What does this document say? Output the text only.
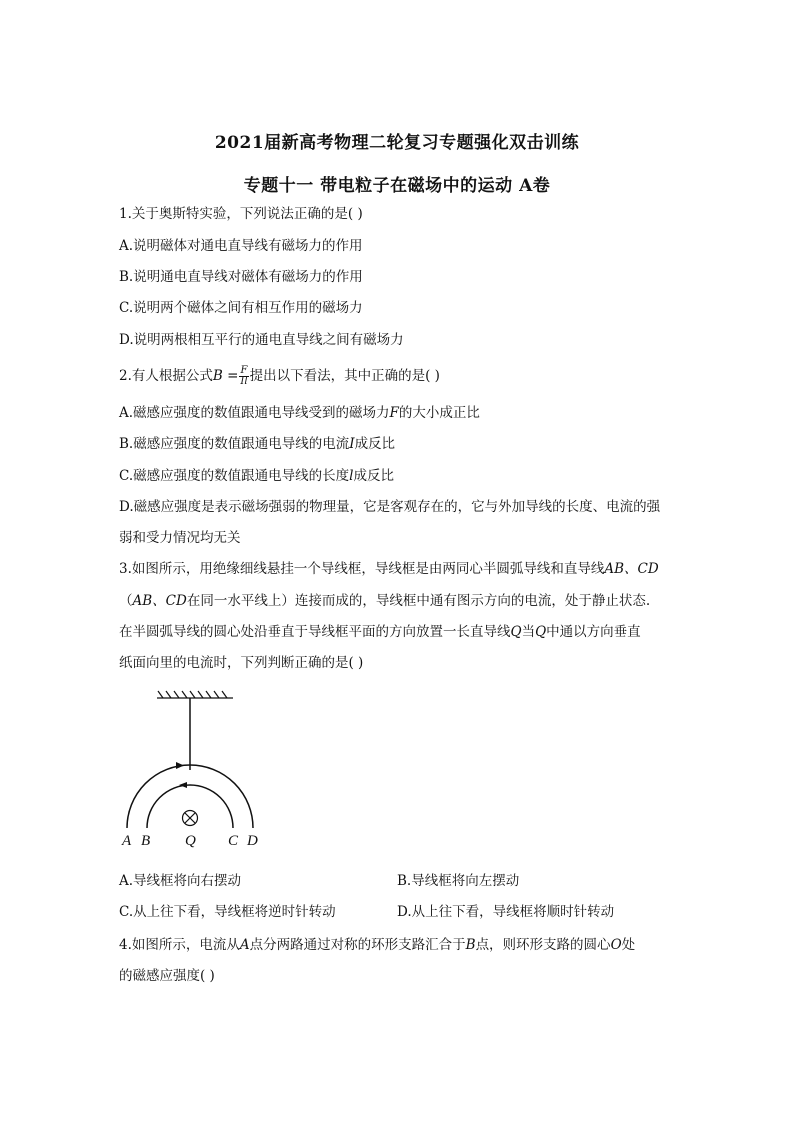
2021届新高考物理二轮复习专题强化双击训练
专题十一 带电粒子在磁场中的运动 A卷
1.关于奥斯特实验，下列说法正确的是( )
A.说明磁体对通电直导线有磁场力的作用
B.说明通电直导线对磁体有磁场力的作用
C.说明两个磁体之间有相互作用的磁场力
D.说明两根相互平行的通电直导线之间有磁场力
2.有人根据公式$B = \frac{F}{Il}$ 提出以下看法，其中正确的是( )
A.磁感应强度的数值跟通电导线受到的磁场力F的大小成正比
B.磁感应强度的数值跟通电导线的电流I成反比
C.磁感应强度的数值跟通电导线的长度l成反比
D.磁感应强度是表示磁场强弱的物理量，它是客观存在的，它与外加导线的长度、电流的强
弱和受力情况均无关
3.如图所示，用绝缘细线悬挂一个导线框，导线框是由两同心半圆弧导线和直导线AB、CD
（AB、CD在同一水平线上）连接而成的，导线框中通有图示方向的电流，处于静止状态.
在半圆弧导线的圆心处沿垂直于导线框平面的方向放置一长直导线Q当Q中通以方向垂直
纸面向里的电流时，下列判断正确的是( )
A B Q C D
A.导线框将向右摆动	B.导线框将向左摆动
C.从上往下看，导线框将逆时针转动	D.从上往下看，导线框将顺时针转动
4.如图所示，电流从A点分两路通过对称的环形支路汇合于B点，则环形支路的圆心O处
的磁感应强度( )
